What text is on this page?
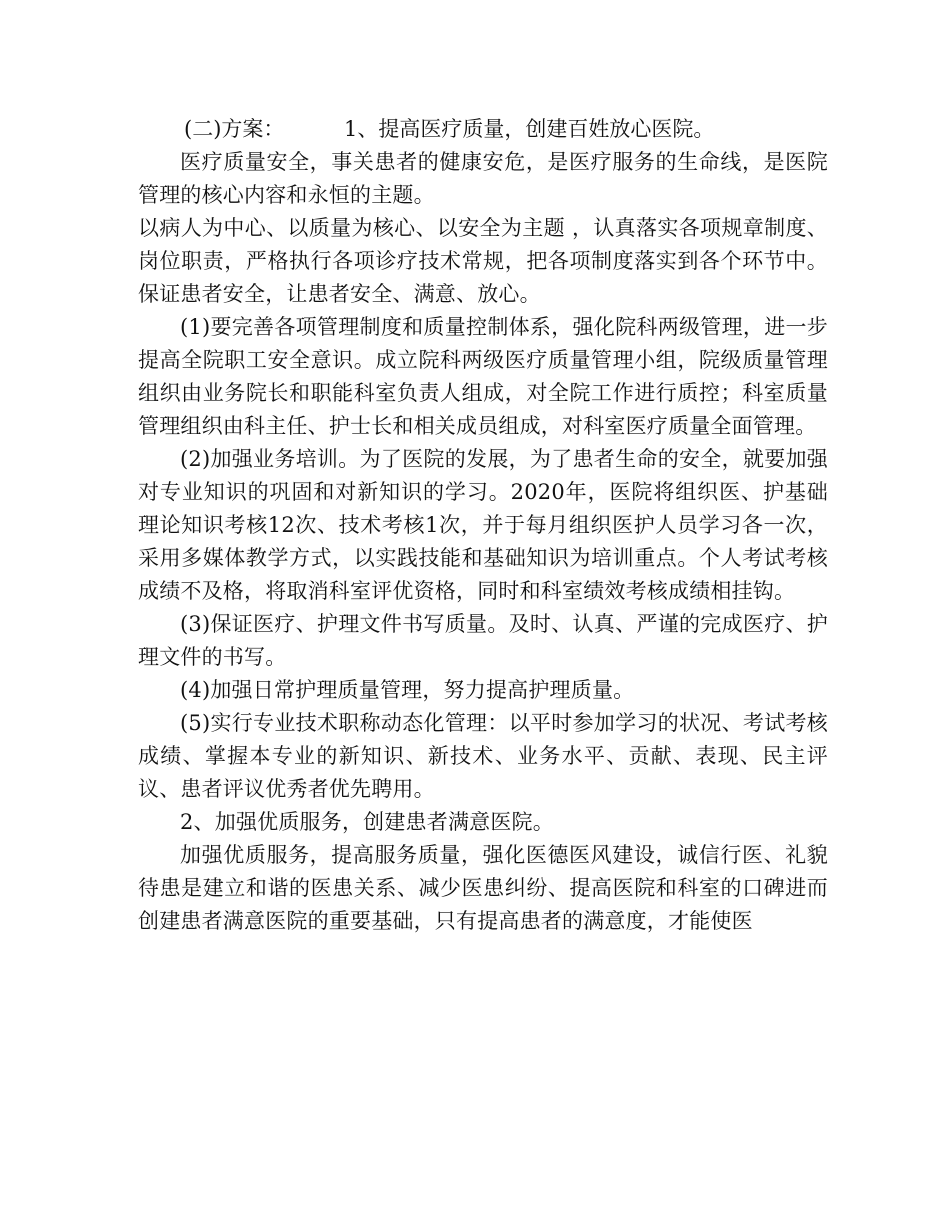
(二)方案：	1、提高医疗质量，创建百姓放心医院。

医疗质量安全，事关患者的健康安危，是医疗服务的生命线，是医院管理的核心内容和永恒的主题。

以病人为中心、以质量为核心、以安全为主题 ，认真落实各项规章制度、岗位职责，严格执行各项诊疗技术常规，把各项制度落实到各个环节中。保证患者安全，让患者安全、满意、放心。

(1)要完善各项管理制度和质量控制体系，强化院科两级管理，进一步提高全院职工安全意识。成立院科两级医疗质量管理小组，院级质量管理组织由业务院长和职能科室负责人组成，对全院工作进行质控；科室质量管理组织由科主任、护士长和相关成员组成，对科室医疗质量全面管理。

(2)加强业务培训。为了医院的发展，为了患者生命的安全，就要加强对专业知识的巩固和对新知识的学习。2020年，医院将组织医、护基础理论知识考核12次、技术考核1次，并于每月组织医护人员学习各一次，采用多媒体教学方式，以实践技能和基础知识为培训重点。个人考试考核成绩不及格，将取消科室评优资格，同时和科室绩效考核成绩相挂钩。

(3)保证医疗、护理文件书写质量。及时、认真、严谨的完成医疗、护理文件的书写。

(4)加强日常护理质量管理，努力提高护理质量。

(5)实行专业技术职称动态化管理：以平时参加学习的状况、考试考核成绩、掌握本专业的新知识、新技术、业务水平、贡献、表现、民主评议、患者评议优秀者优先聘用。

2、加强优质服务，创建患者满意医院。

加强优质服务，提高服务质量，强化医德医风建设，诚信行医、礼貌待患是建立和谐的医患关系、减少医患纠纷、提高医院和科室的口碑进而创建患者满意医院的重要基础，只有提高患者的满意度，才能使医
